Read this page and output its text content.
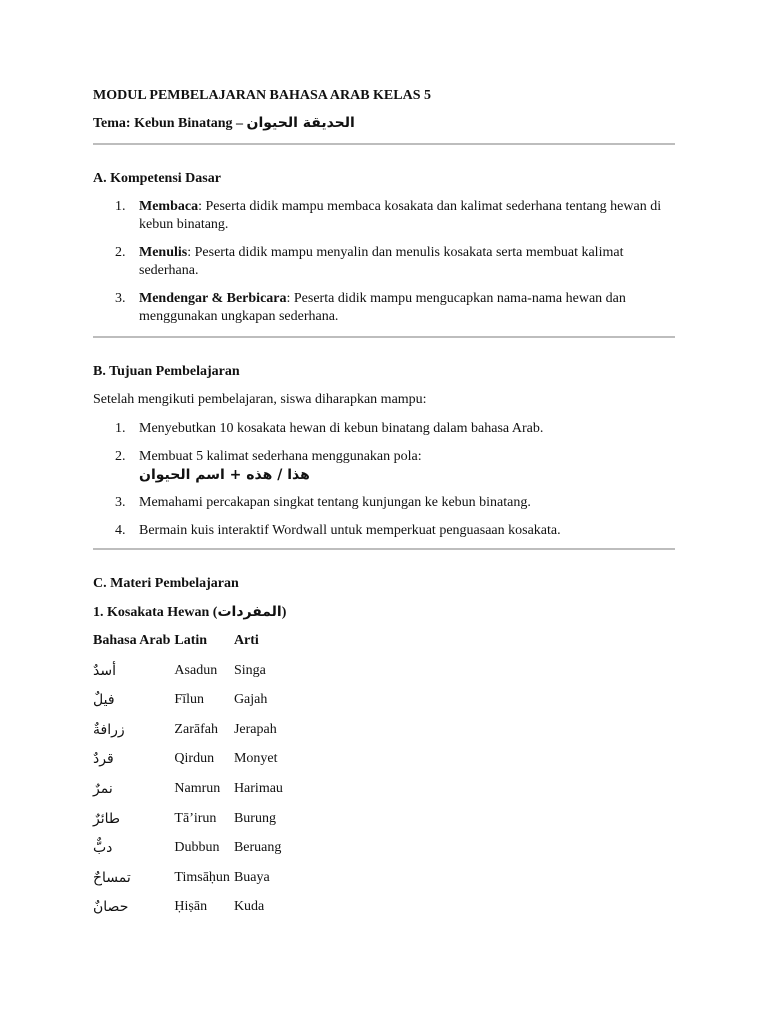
MODUL PEMBELAJARAN BAHASA ARAB KELAS 5
Tema: Kebun Binatang – الحديقة الحيوان
A. Kompetensi Dasar
1. Membaca: Peserta didik mampu membaca kosakata dan kalimat sederhana tentang hewan di kebun binatang.
2. Menulis: Peserta didik mampu menyalin dan menulis kosakata serta membuat kalimat sederhana.
3. Mendengar & Berbicara: Peserta didik mampu mengucapkan nama-nama hewan dan menggunakan ungkapan sederhana.
B. Tujuan Pembelajaran
Setelah mengikuti pembelajaran, siswa diharapkan mampu:
1. Menyebutkan 10 kosakata hewan di kebun binatang dalam bahasa Arab.
2. Membuat 5 kalimat sederhana menggunakan pola:
هذا / هذه + اسم الحيوان
3. Memahami percakapan singkat tentang kunjungan ke kebun binatang.
4. Bermain kuis interaktif Wordwall untuk memperkuat penguasaan kosakata.
C. Materi Pembelajaran
1. Kosakata Hewan (المفردات)
Bahasa Arab	Latin	Arti
أسدٌ	Asadun	Singa
فيلٌ	Fīlun	Gajah
زرافةٌ	Zarāfah	Jerapah
قردٌ	Qirdun	Monyet
نمرٌ	Namrun	Harimau
طائرٌ	Tā’irun	Burung
دبٌّ	Dubbun	Beruang
تمساحٌ	Timsāḥun	Buaya
حصانٌ	Ḥiṣān	Kuda
